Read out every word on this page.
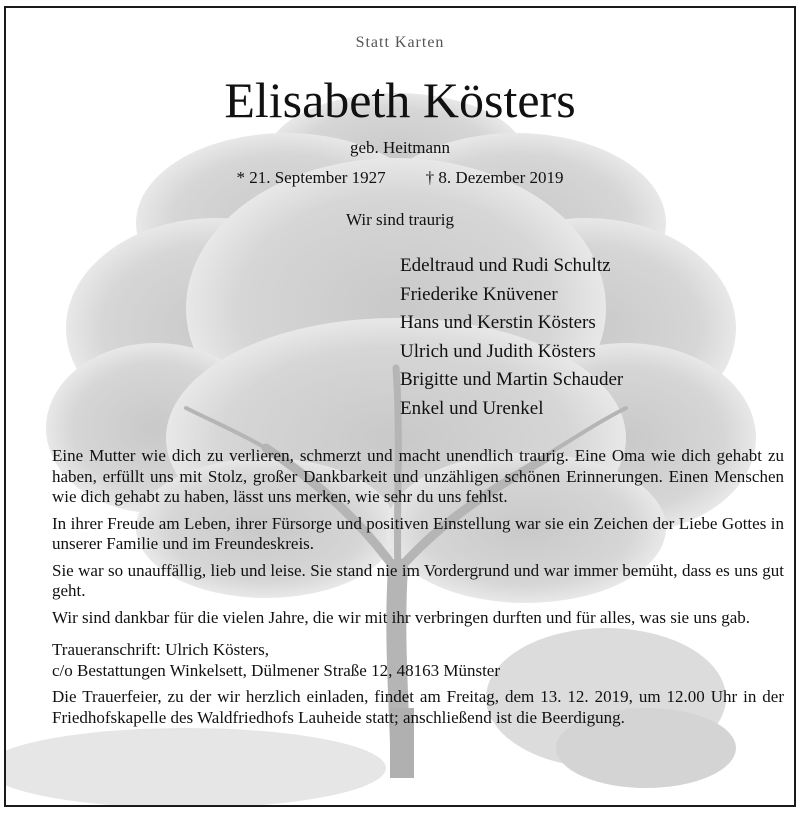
Statt Karten
Elisabeth Kösters
geb. Heitmann
* 21. September 1927 † 8. Dezember 2019
Wir sind traurig
Edeltraud und Rudi Schultz
Friederike Knüvener
Hans und Kerstin Kösters
Ulrich und Judith Kösters
Brigitte und Martin Schauder
Enkel und Urenkel

Eine Mutter wie dich zu verlieren, schmerzt und macht unendlich traurig. Eine Oma wie dich gehabt zu haben, erfüllt uns mit Stolz, großer Dankbarkeit und unzähligen schönen Erinnerungen. Einen Menschen wie dich gehabt zu haben, lässt uns merken, wie sehr du uns fehlst.

In ihrer Freude am Leben, ihrer Fürsorge und positiven Einstellung war sie ein Zeichen der Liebe Gottes in unserer Familie und im Freundeskreis.

Sie war so unauffällig, lieb und leise. Sie stand nie im Vordergrund und war immer bemüht, dass es uns gut geht.

Wir sind dankbar für die vielen Jahre, die wir mit ihr verbringen durften und für alles, was sie uns gab.

Traueranschrift: Ulrich Kösters,

c/o Bestattungen Winkelsett, Dülmener Straße 12, 48163 Münster

Die Trauerfeier, zu der wir herzlich einladen, findet am Freitag, dem 13. 12. 2019, um 12.00 Uhr in der Friedhofskapelle des Waldfriedhofs Lauheide statt; anschließend ist die Beerdigung.
